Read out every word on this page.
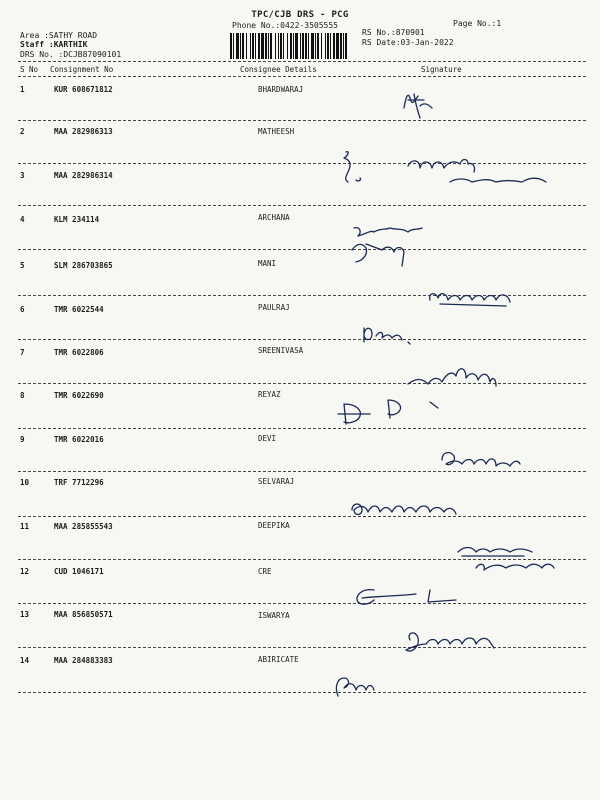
TPC/CJB DRS - PCG
Phone No.:0422-3505555	Page No.:1
Area :SATHY ROAD
Staff :KARTHIK
DRS No. :DCJB87090101
RS No.:870901
RS Date:03-Jan-2022
S No Consignment No	Consignee Details	Signature
1	KUR 608671812	BHARDWARAJ
2	MAA 282986313	MATHEESH
3	MAA 282986314
4	KLM 234114	ARCHANA
5	SLM 286703865	MANI
6	TMR 6022544	PAULRAJ
7	TMR 6022806	SREENIVASA
8	TMR 6022690	REYAZ
9	TMR 6022016	DEVI
10	TRF 7712296	SELVARAJ
11	MAA 285855543	DEEPIKA
12	CUD 1046171	CRE
13	MAA 856850571	ISWARYA
14	MAA 284883383	ABIRICATE
